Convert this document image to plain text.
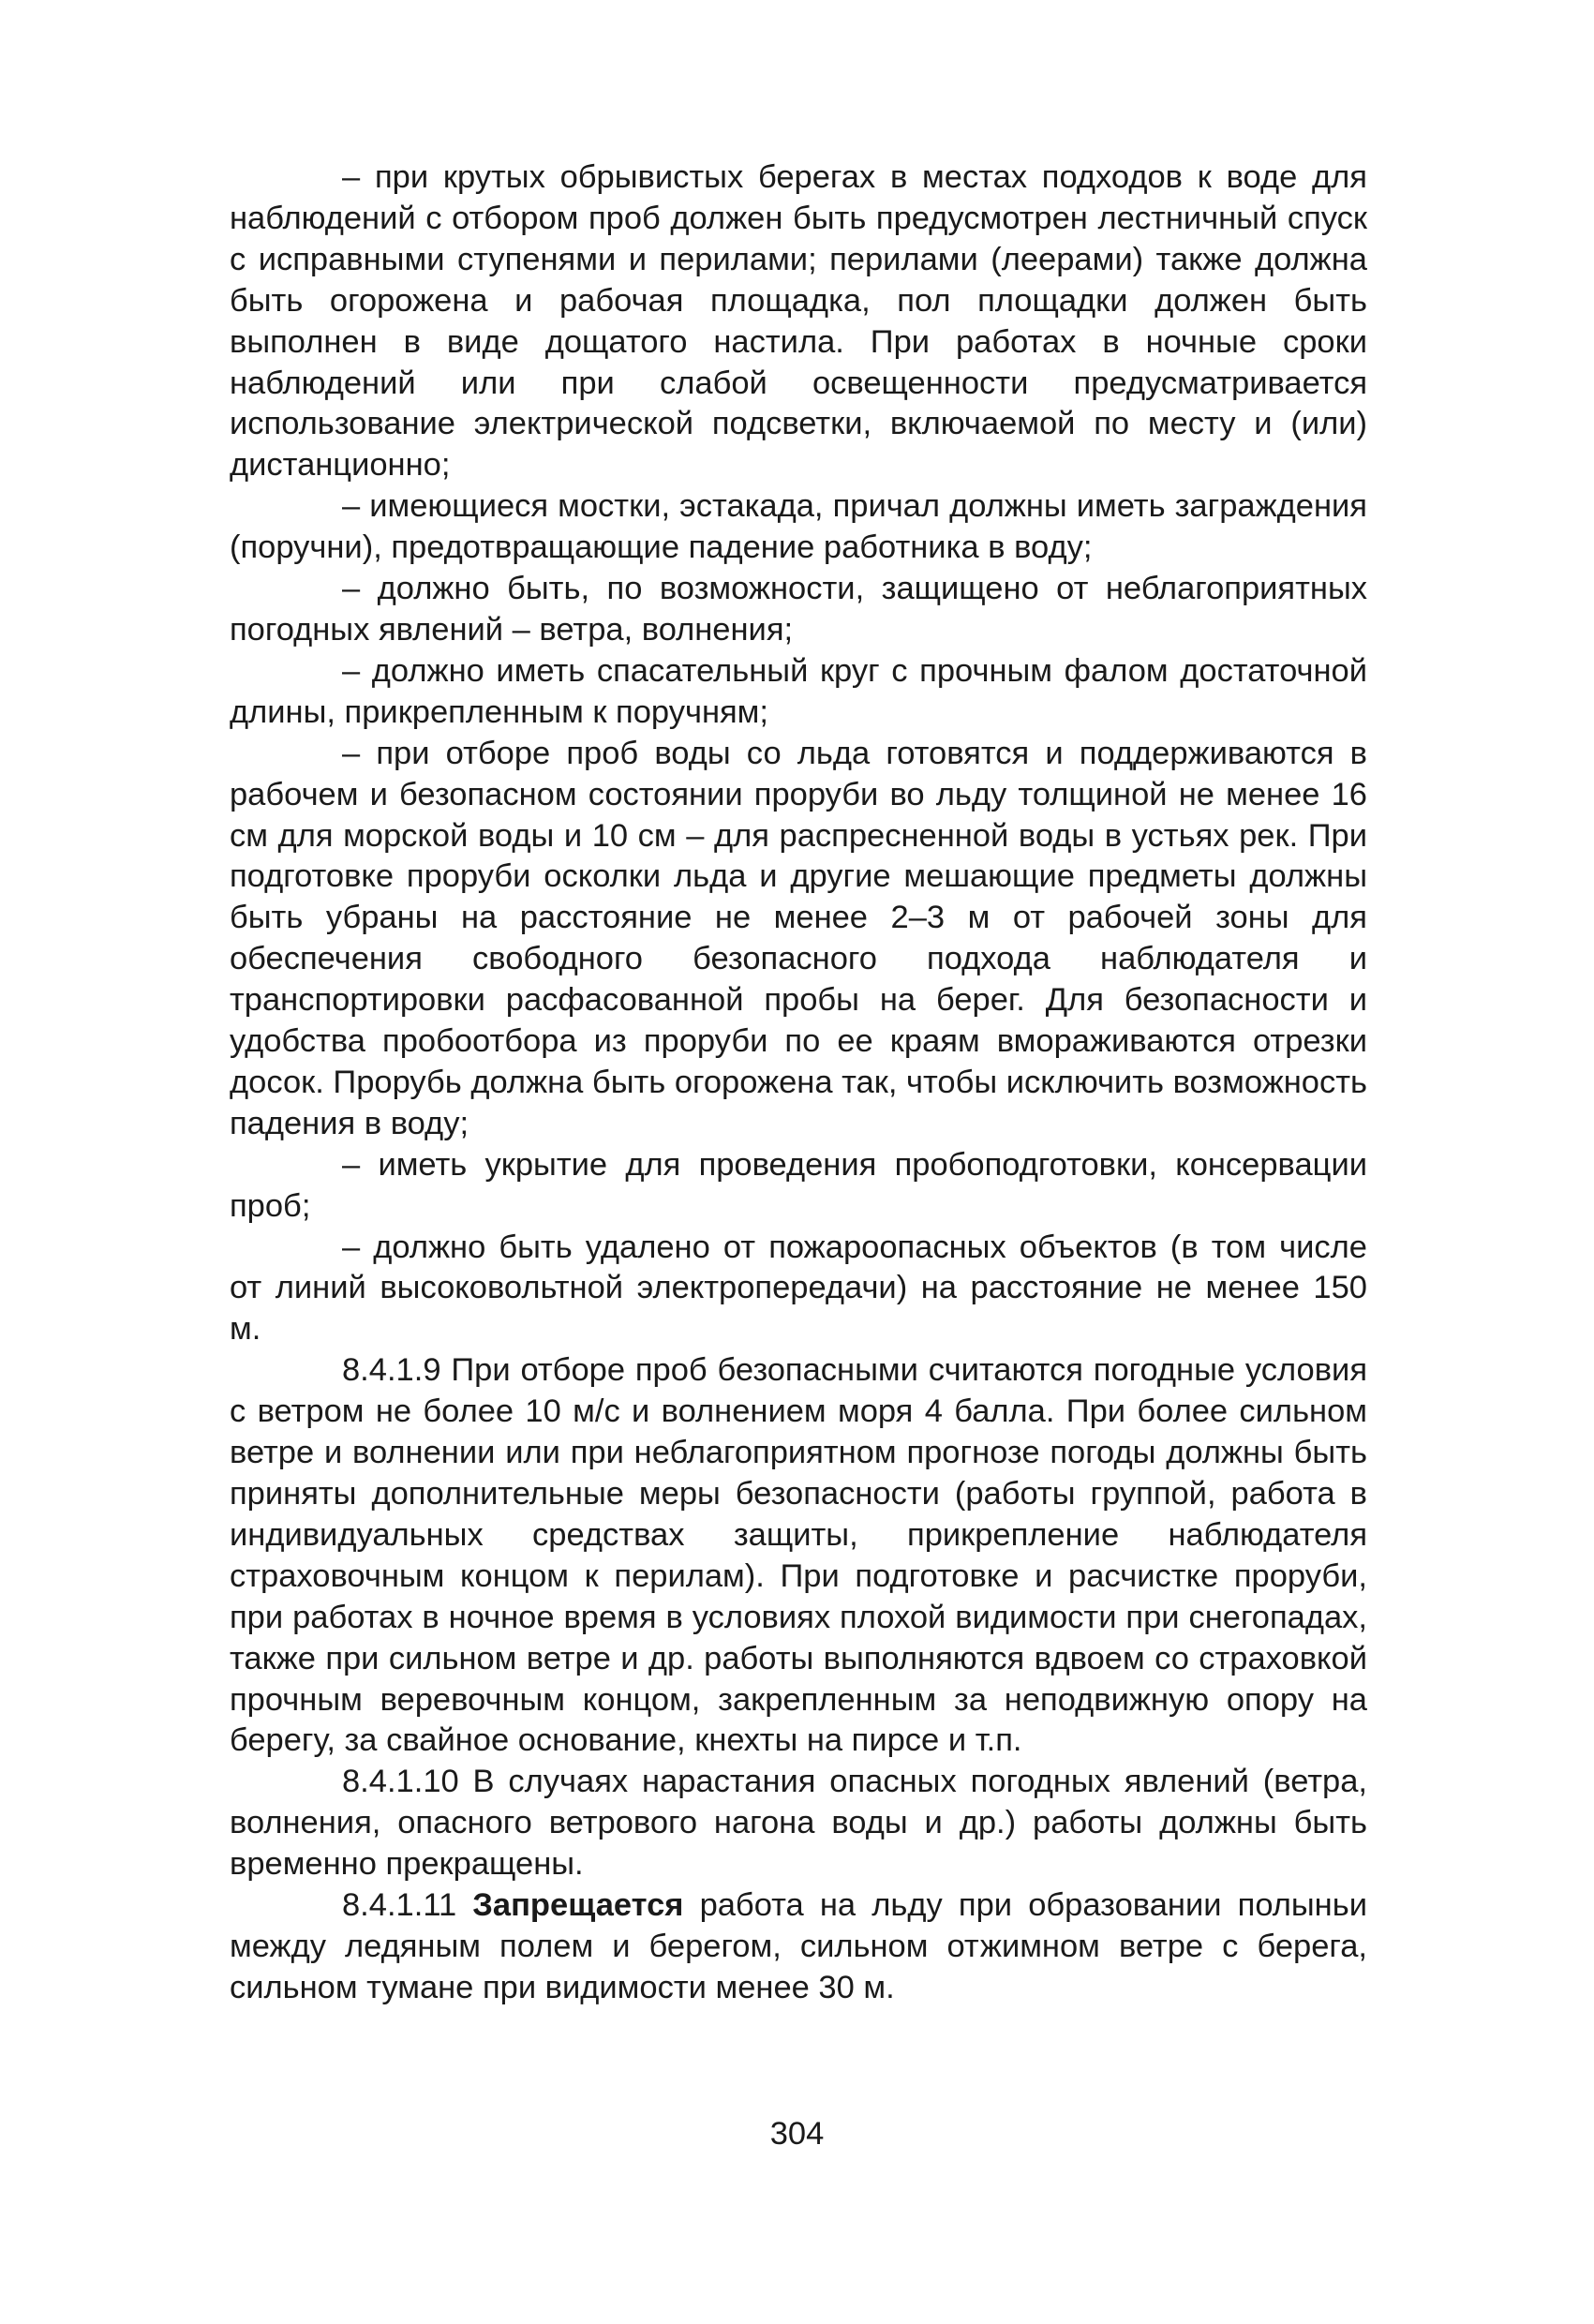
– при крутых обрывистых берегах в местах подходов к воде для наблюдений с отбором проб должен быть предусмотрен лестничный спуск с исправными ступенями и перилами; перилами (леерами) также должна быть огорожена и рабочая площадка, пол площадки должен быть выполнен в виде дощатого настила. При работах в ночные сроки наблюдений или при слабой освещенности предусматривается использование электрической подсветки, включаемой по месту и (или) дистанционно;

– имеющиеся мостки, эстакада, причал должны иметь заграждения (поручни), предотвращающие падение работника в воду;

– должно быть, по возможности, защищено от неблагоприятных погодных явлений – ветра, волнения;

– должно иметь спасательный круг с прочным фалом достаточной длины, прикрепленным к поручням;

– при отборе проб воды со льда готовятся и поддерживаются в рабочем и безопасном состоянии проруби во льду толщиной не менее 16 см для морской воды и 10 см – для распресненной воды в устьях рек. При подготовке проруби осколки льда и другие мешающие предметы должны быть убраны на расстояние не менее 2–3 м от рабочей зоны для обеспечения свободного безопасного подхода наблюдателя и транспортировки расфасованной пробы на берег. Для безопасности и удобства пробоотбора из проруби по ее краям вмораживаются отрезки досок. Прорубь должна быть огорожена так, чтобы исключить возможность падения в воду;

– иметь укрытие для проведения пробоподготовки, консервации проб;

– должно быть удалено от пожароопасных объектов (в том числе от линий высоковольтной электропередачи) на расстояние не менее 150 м.

8.4.1.9 При отборе проб безопасными считаются погодные условия с ветром не более 10 м/с и волнением моря 4 балла. При более сильном ветре и волнении или при неблагоприятном прогнозе погоды должны быть приняты дополнительные меры безопасности (работы группой, работа в индивидуальных средствах защиты, прикрепление наблюдателя страховочным концом к перилам). При подготовке и расчистке проруби, при работах в ночное время в условиях плохой видимости при снегопадах, также при сильном ветре и др. работы выполняются вдвоем со страховкой прочным веревочным концом, закрепленным за неподвижную опору на берегу, за свайное основание, кнехты на пирсе и т.п.

8.4.1.10 В случаях нарастания опасных погодных явлений (ветра, волнения, опасного ветрового нагона воды и др.) работы должны быть временно прекращены.

8.4.1.11 Запрещается работа на льду при образовании полыньи между ледяным полем и берегом, сильном отжимном ветре с берега, сильном тумане при видимости менее 30 м.

304
